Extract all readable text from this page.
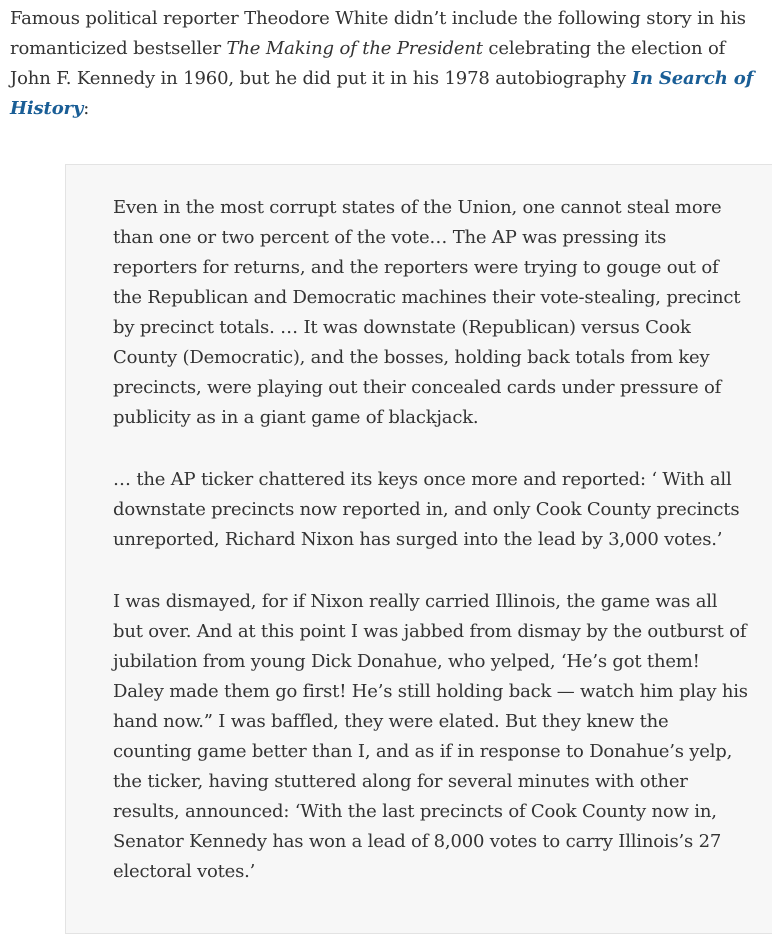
Famous political reporter Theodore White didn’t include the following story in his romanticized bestseller The Making of the President celebrating the election of John F. Kennedy in 1960, but he did put it in his 1978 autobiography In Search of History:

Even in the most corrupt states of the Union, one cannot steal more than one or two percent of the vote… The AP was pressing its reporters for returns, and the reporters were trying to gouge out of the Republican and Democratic machines their vote-stealing, precinct by precinct totals. … It was downstate (Republican) versus Cook County (Democratic), and the bosses, holding back totals from key precincts, were playing out their concealed cards under pressure of publicity as in a giant game of blackjack.

… the AP ticker chattered its keys once more and reported: ‘ With all downstate precincts now reported in, and only Cook County precincts unreported, Richard Nixon has surged into the lead by 3,000 votes.’

I was dismayed, for if Nixon really carried Illinois, the game was all but over. And at this point I was jabbed from dismay by the outburst of jubilation from young Dick Donahue, who yelped, ‘He’s got them! Daley made them go first! He’s still holding back — watch him play his hand now.” I was baffled, they were elated. But they knew the counting game better than I, and as if in response to Donahue’s yelp, the ticker, having stuttered along for several minutes with other results, announced: ‘With the last precincts of Cook County now in, Senator Kennedy has won a lead of 8,000 votes to carry Illinois’s 27 electoral votes.’
